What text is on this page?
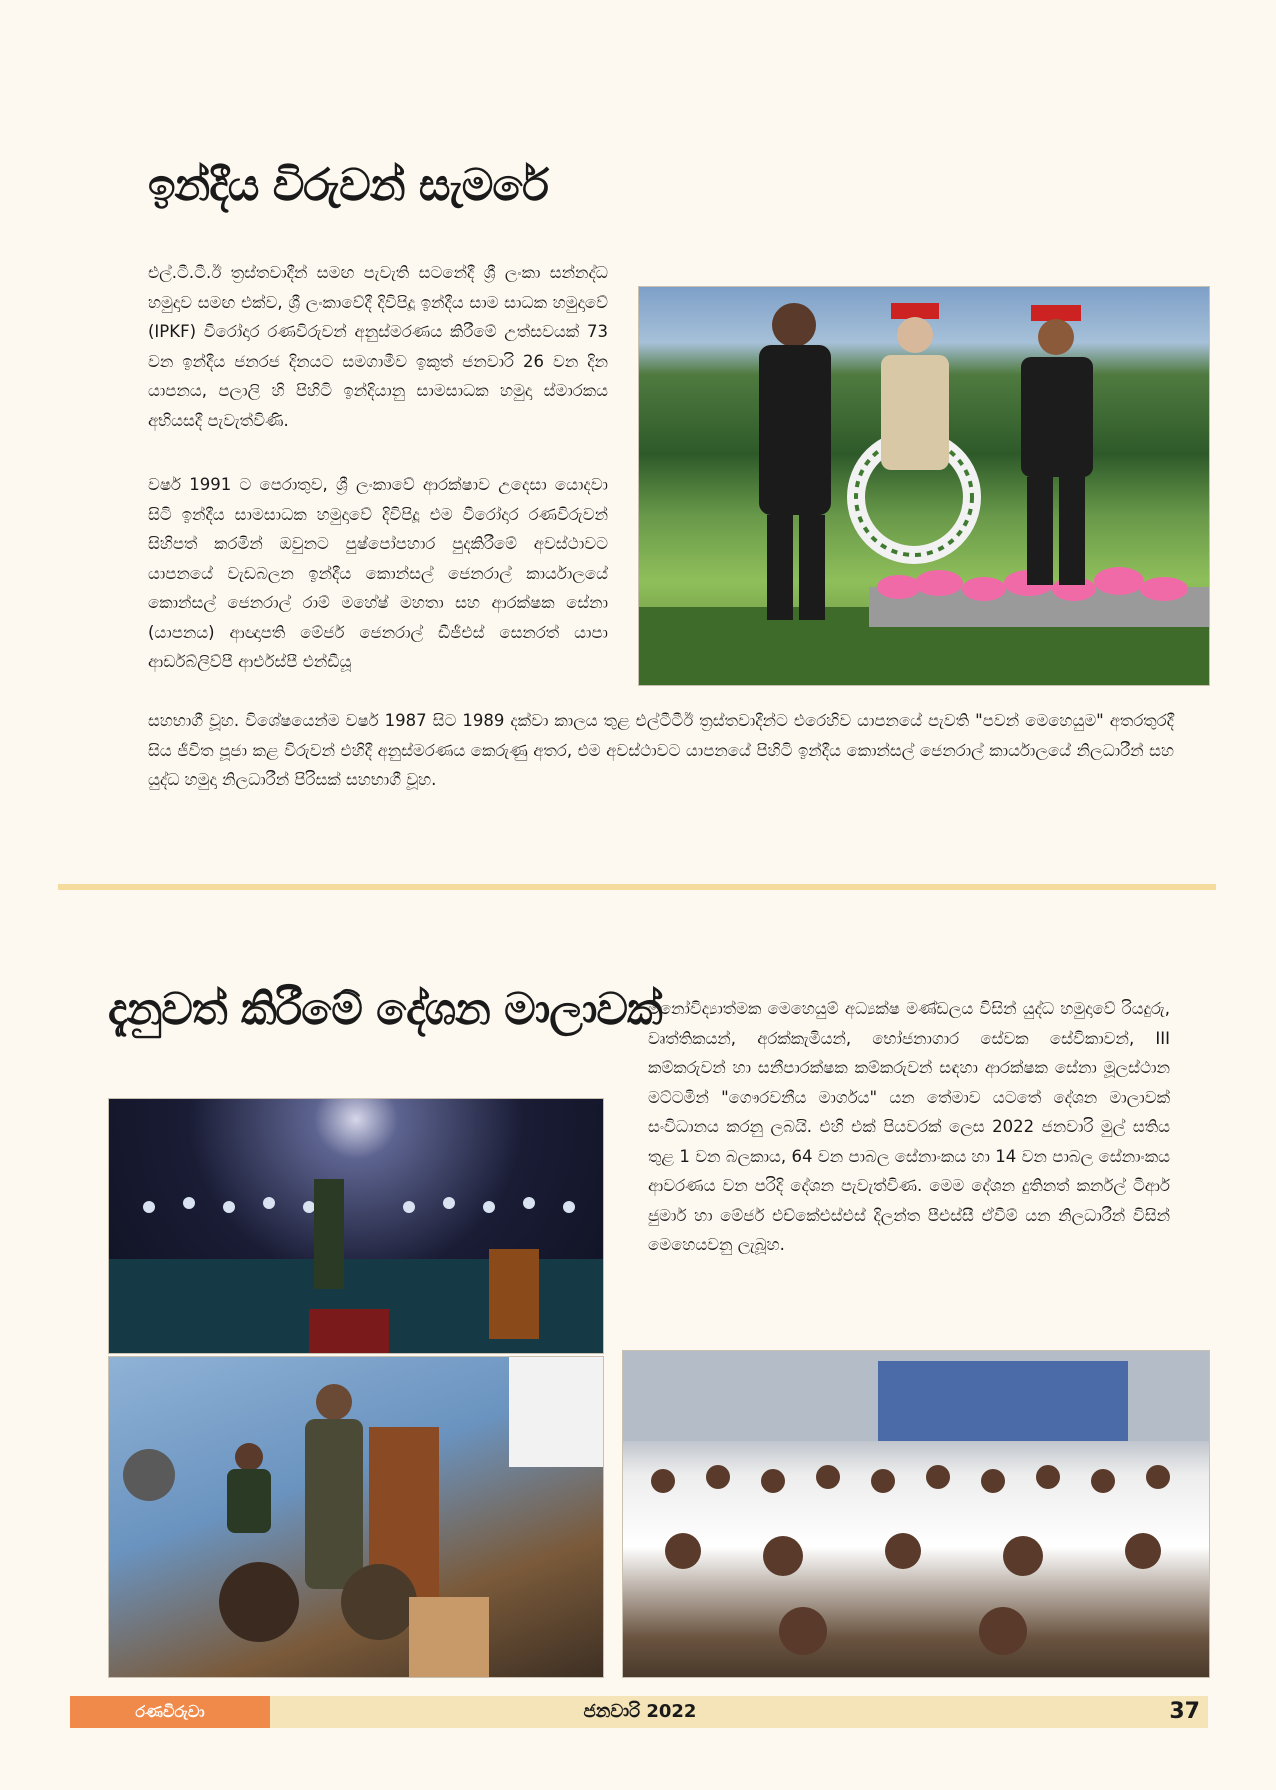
ඉන්දීය විරුවන් සැමරේ

එල්.ටී.ටී.ඊ ත්‍රස්තවාදීන් සමඟ පැවැති සටනේදී ශ්‍රී ලංකා සන්නද්ධ හමුදාව සමඟ එක්ව, ශ්‍රී ලංකාවේදී දිවිපිදූ ඉන්දීය සාම සාධක හමුදාවේ (IPKF) වීරෝදාර රණවිරුවන් අනුස්මරණය කිරීමේ උත්සවයක් 73 වන ඉන්දීය ජනරජ දිනයට සමගාමීව ඉකුත් ජනවාරි 26 වන දින යාපනය, පලාලි හි පිහිටි ඉන්දියානු සාමසාධක හමුදා ස්මාරකය අභියසදී පැවැත්විණි.

වර්ෂ 1991 ට පෙරාතුව, ශ්‍රී ලංකාවේ ආරක්ෂාව උදෙසා යොදවා සිටි ඉන්දීය සාමසාධක හමුදාවේ දිවිපිදූ එම වීරෝදාර රණවිරුවන් සිහිපත් කරමින් ඔවුනට පුෂ්පෝපහාර පුදකිරීමේ අවස්ථාවට යාපනයේ වැඩබලන ඉන්දීය කොන්සල් ජෙනරාල් කාර්යාලයේ කොන්සල් ජෙනරාල් රාම් මහේෂ් මහතා සහ ආරක්ෂක සේනා (යාපනය) ආඥාපති මේජර් ජෙනරාල් ඩීජීඑස් සෙනරත් යාපා ආර්ඩබ්ලිව්පී ආර්එස්පී එන්ඩීයූ

සහභාගී වූහ. විශේෂයෙන්ම වර්ෂ 1987 සිට 1989 දක්වා කාලය තුළ එල්ටීටීඊ ත්‍රස්තවාදීන්ට එරෙහිව යාපනයේ පැවති "පවන් මෙහෙයුම" අතරතුරදී සිය ජීවිත පූජා කළ විරුවන් එහිදී අනුස්මරණය කෙරුණු අතර, එම අවස්ථාවට යාපනයේ පිහිටි ඉන්දීය කොන්සල් ජෙනරාල් කාර්යාලයේ නිලධාරීන් සහ යුද්ධ හමුදා නිලධාරීන් පිරිසක් සහභාගී වූහ.

දැනුවත් කිරීමේ දේශන මාලාවක්

මනෝවිද්‍යාත්මක මෙහෙයුම් අධ්‍යක්ෂ මණ්ඩලය විසින් යුද්ධ හමුදාවේ රියදුරු, වෘත්තිකයන්, අරක්කැමියන්, භෝජනාගාර සේවක සේවිකාවන්, III කම්කරුවන් හා සනීපාරක්ෂක කම්කරුවන් සඳහා ආරක්ෂක සේනා මූලස්ථාන මට්ටමින් "ගෞරවනීය මාර්ගය" යන තේමාව යටතේ දේශන මාලාවක් සංවිධානය කරනු ලබයි. එහි එක් පියවරක් ලෙස 2022 ජනවාරි මුල් සතිය තුළ 1 වන බලකාය, 64 වන පාබල සේනාංකය හා 14 වන පාබල සේනාංකය ආවරණය වන පරිදි දේශන පැවැත්විණ. මෙම දේශන දුතිනත් කර්නල් ටීආර් ජුමාර් හා මේජර් එච්කේඑස්එස් දිලන්ත පීඑස්සී ඒවීම් යන නිලධාරීන් විසින් මෙහෙයවනු ලැබූහ.

රණවිරුවා	ජනවාරි 2022	37
